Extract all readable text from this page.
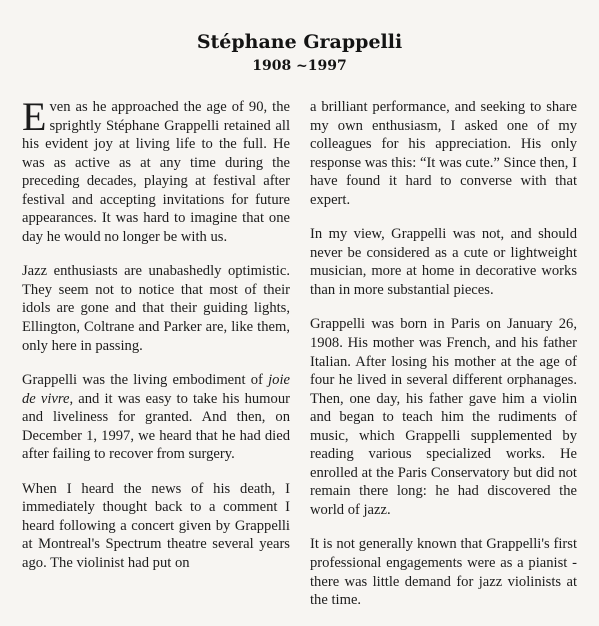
Stéphane Grappelli
1908 ~1997

Even as he approached the age of 90, the sprightly Stéphane Grappelli retained all his evident joy at living life to the full. He was as active as at any time during the preceding decades, playing at festival after festival and accepting invitations for future appearances. It was hard to imagine that one day he would no longer be with us.

Jazz enthusiasts are unabashedly optimistic. They seem not to notice that most of their idols are gone and that their guiding lights, Ellington, Coltrane and Parker are, like them, only here in passing.

Grappelli was the living embodiment of joie de vivre, and it was easy to take his humour and liveliness for granted. And then, on December 1, 1997, we heard that he had died after failing to recover from surgery.

When I heard the news of his death, I immediately thought back to a comment I heard following a concert given by Grappelli at Montreal's Spectrum theatre several years ago. The violinist had put on

a brilliant performance, and seeking to share my own enthusiasm, I asked one of my colleagues for his appreciation. His only response was this: “It was cute.” Since then, I have found it hard to converse with that expert.

In my view, Grappelli was not, and should never be considered as a cute or lightweight musician, more at home in decorative works than in more substantial pieces.

Grappelli was born in Paris on January 26, 1908. His mother was French, and his father Italian. After losing his mother at the age of four he lived in several different orphanages. Then, one day, his father gave him a violin and began to teach him the rudiments of music, which Grappelli supplemented by reading various specialized works. He enrolled at the Paris Conservatory but did not remain there long: he had discovered the world of jazz.

It is not generally known that Grappelli's first professional engagements were as a pianist - there was little demand for jazz violinists at the time.
